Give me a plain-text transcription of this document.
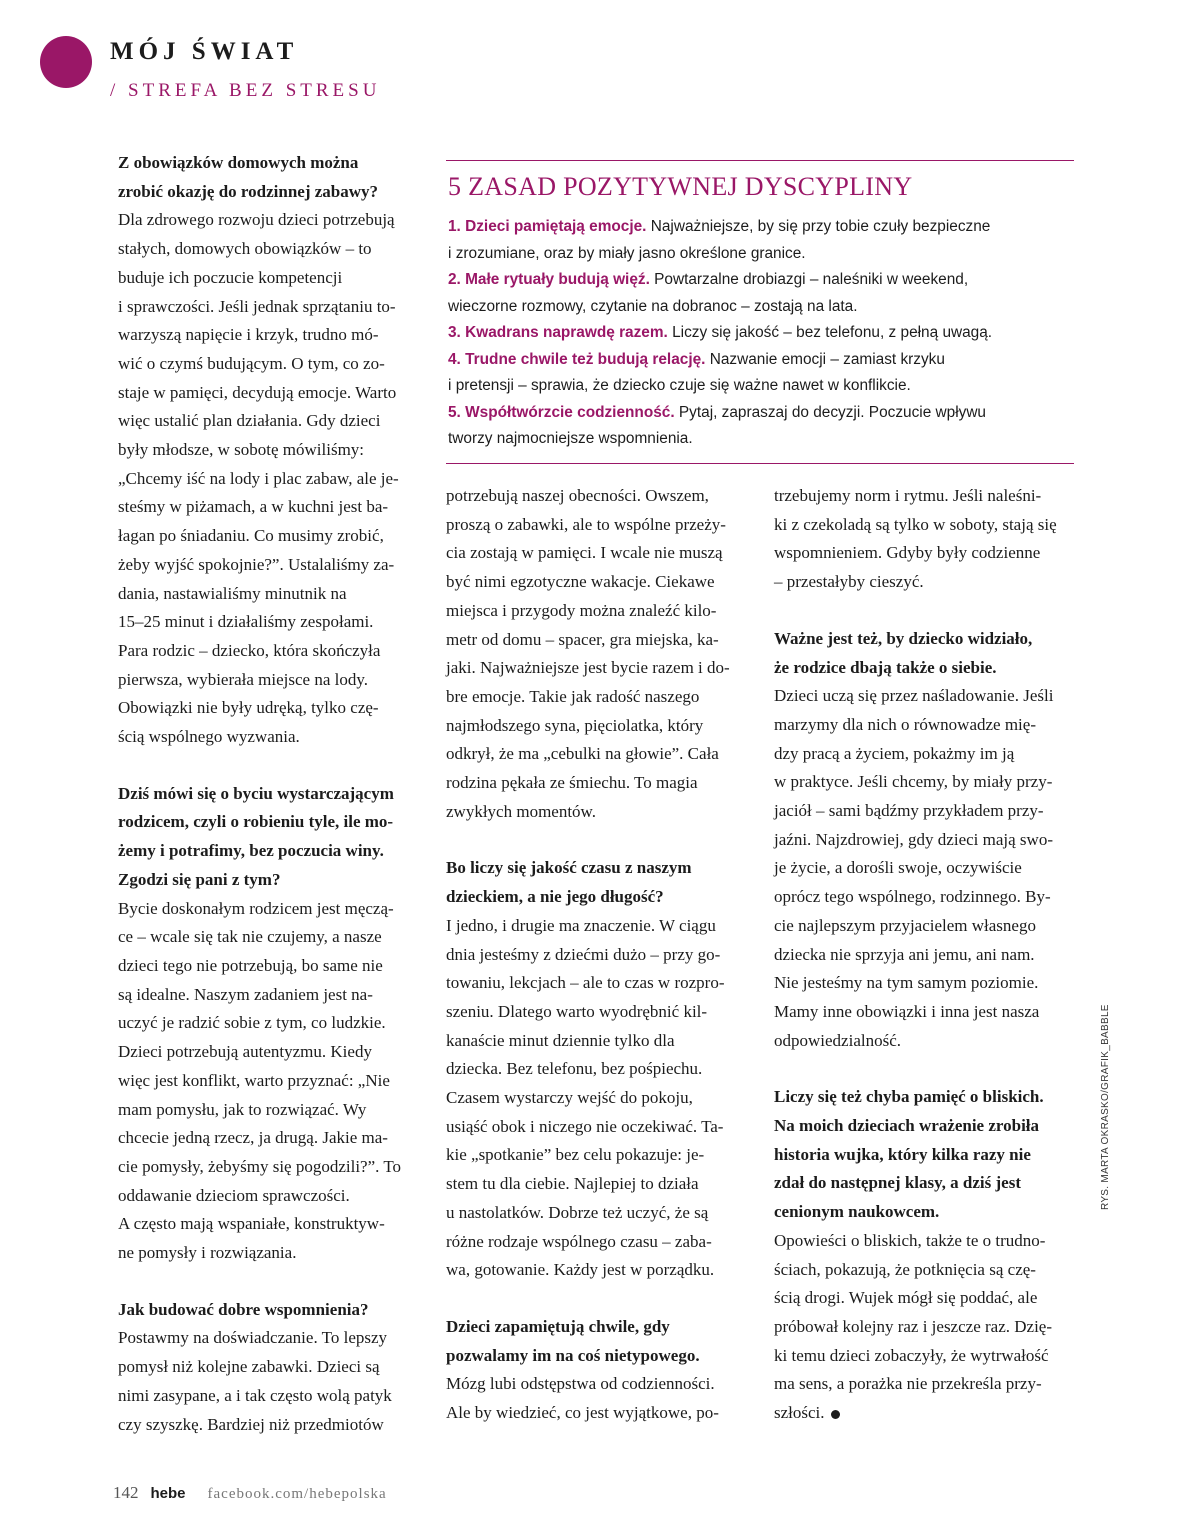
MÓJ ŚWIAT
/ STREFA BEZ STRESU

Z obowiązków domowych można
zrobić okazję do rodzinnej zabawy?

Dla zdrowego rozwoju dzieci potrzebują
stałych, domowych obowiązków – to
buduje ich poczucie kompetencji
i sprawczości. Jeśli jednak sprzątaniu to-
warzyszą napięcie i krzyk, trudno mó-
wić o czymś budującym. O tym, co zo-
staje w pamięci, decydują emocje. Warto
więc ustalić plan działania. Gdy dzieci
były młodsze, w sobotę mówiliśmy:
„Chcemy iść na lody i plac zabaw, ale je-
steśmy w piżamach, a w kuchni jest ba-
łagan po śniadaniu. Co musimy zrobić,
żeby wyjść spokojnie?”. Ustalaliśmy za-
dania, nastawialiśmy minutnik na
15–25 minut i działaliśmy zespołami.
Para rodzic – dziecko, która skończyła
pierwsza, wybierała miejsce na lody.
Obowiązki nie były udręką, tylko czę-
ścią wspólnego wyzwania.

Dziś mówi się o byciu wystarczającym
rodzicem, czyli o robieniu tyle, ile mo-
żemy i potrafimy, bez poczucia winy.
Zgodzi się pani z tym?

Bycie doskonałym rodzicem jest męczą-
ce – wcale się tak nie czujemy, a nasze
dzieci tego nie potrzebują, bo same nie
są idealne. Naszym zadaniem jest na-
uczyć je radzić sobie z tym, co ludzkie.
Dzieci potrzebują autentyzmu. Kiedy
więc jest konflikt, warto przyznać: „Nie
mam pomysłu, jak to rozwiązać. Wy
chcecie jedną rzecz, ja drugą. Jakie ma-
cie pomysły, żebyśmy się pogodzili?”. To
oddawanie dzieciom sprawczości.
A często mają wspaniałe, konstruktyw-
ne pomysły i rozwiązania.

Jak budować dobre wspomnienia?

Postawmy na doświadczanie. To lepszy
pomysł niż kolejne zabawki. Dzieci są
nimi zasypane, a i tak często wolą patyk
czy szyszkę. Bardziej niż przedmiotów

5 ZASAD POZYTYWNEJ DYSCYPLINY

1. Dzieci pamiętają emocje. Najważniejsze, by się przy tobie czuły bezpieczne
i zrozumiane, oraz by miały jasno określone granice.

2. Małe rytuały budują więź. Powtarzalne drobiazgi – naleśniki w weekend,
wieczorne rozmowy, czytanie na dobranoc – zostają na lata.

3. Kwadrans naprawdę razem. Liczy się jakość – bez telefonu, z pełną uwagą.

4. Trudne chwile też budują relację. Nazwanie emocji – zamiast krzyku
i pretensji – sprawia, że dziecko czuje się ważne nawet w konflikcie.

5. Współtwórzcie codzienność. Pytaj, zapraszaj do decyzji. Poczucie wpływu
tworzy najmocniejsze wspomnienia.

potrzebują naszej obecności. Owszem,
proszą o zabawki, ale to wspólne przeży-
cia zostają w pamięci. I wcale nie muszą
być nimi egzotyczne wakacje. Ciekawe
miejsca i przygody można znaleźć kilo-
metr od domu – spacer, gra miejska, ka-
jaki. Najważniejsze jest bycie razem i do-
bre emocje. Takie jak radość naszego
najmłodszego syna, pięciolatka, który
odkrył, że ma „cebulki na głowie”. Cała
rodzina pękała ze śmiechu. To magia
zwykłych momentów.

Bo liczy się jakość czasu z naszym
dzieckiem, a nie jego długość?

I jedno, i drugie ma znaczenie. W ciągu
dnia jesteśmy z dziećmi dużo – przy go-
towaniu, lekcjach – ale to czas w rozpro-
szeniu. Dlatego warto wyodrębnić kil-
kanaście minut dziennie tylko dla
dziecka. Bez telefonu, bez pośpiechu.
Czasem wystarczy wejść do pokoju,
usiąść obok i niczego nie oczekiwać. Ta-
kie „spotkanie” bez celu pokazuje: je-
stem tu dla ciebie. Najlepiej to działa
u nastolatków. Dobrze też uczyć, że są
różne rodzaje wspólnego czasu – zaba-
wa, gotowanie. Każdy jest w porządku.

Dzieci zapamiętują chwile, gdy
pozwalamy im na coś nietypowego.

Mózg lubi odstępstwa od codzienności.
Ale by wiedzieć, co jest wyjątkowe, po-

trzebujemy norm i rytmu. Jeśli naleśni-
ki z czekoladą są tylko w soboty, stają się
wspomnieniem. Gdyby były codzienne
– przestałyby cieszyć.

Ważne jest też, by dziecko widziało,
że rodzice dbają także o siebie.

Dzieci uczą się przez naśladowanie. Jeśli
marzymy dla nich o równowadze mię-
dzy pracą a życiem, pokażmy im ją
w praktyce. Jeśli chcemy, by miały przy-
jaciół – sami bądźmy przykładem przy-
jaźni. Najzdrowiej, gdy dzieci mają swo-
je życie, a dorośli swoje, oczywiście
oprócz tego wspólnego, rodzinnego. By-
cie najlepszym przyjacielem własnego
dziecka nie sprzyja ani jemu, ani nam.
Nie jesteśmy na tym samym poziomie.
Mamy inne obowiązki i inna jest nasza
odpowiedzialność.

Liczy się też chyba pamięć o bliskich.
Na moich dzieciach wrażenie zrobiła
historia wujka, który kilka razy nie
zdał do następnej klasy, a dziś jest
cenionym naukowcem.

Opowieści o bliskich, także te o trudno-
ściach, pokazują, że potknięcia są czę-
ścią drogi. Wujek mógł się poddać, ale
próbował kolejny raz i jeszcze raz. Dzię-
ki temu dzieci zobaczyły, że wytrwałość
ma sens, a porażka nie przekreśla przy-
szłości.

RYS. MARTA OKRASKO/GRAFIK_BABBLE
142 hebe facebook.com/hebepolska
